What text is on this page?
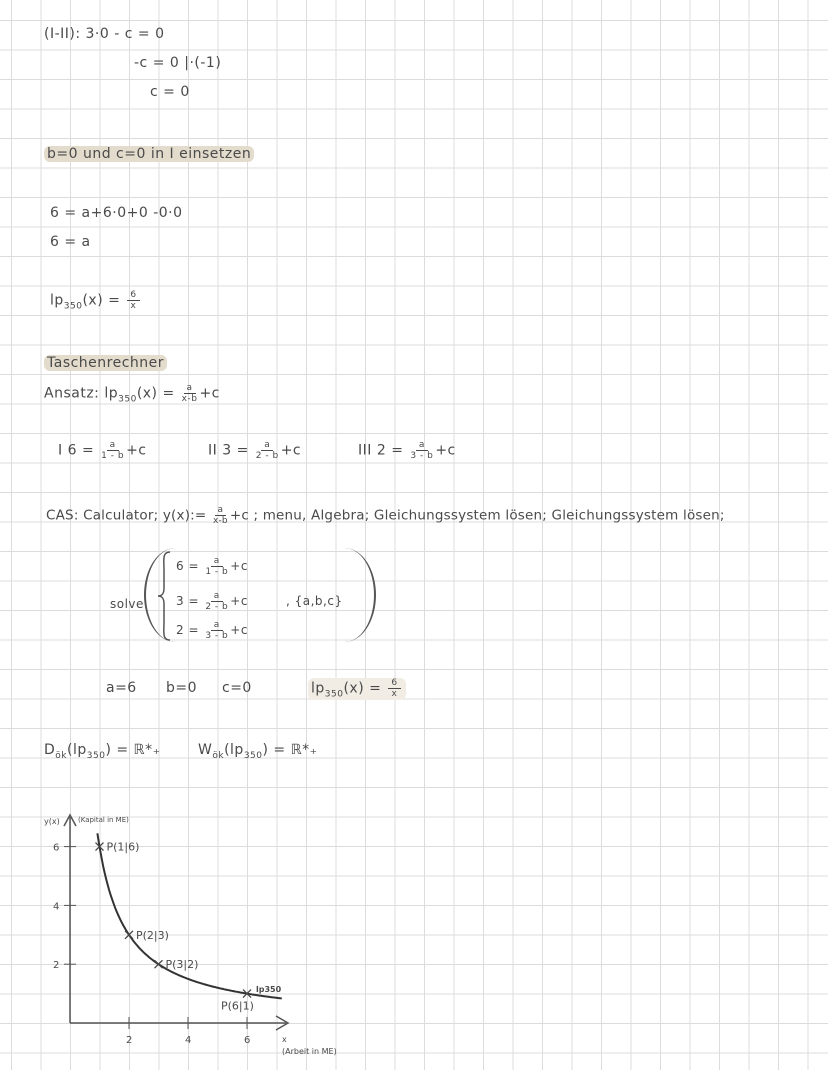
(I-II): 3·0 - c = 0
-c = 0 |·(-1)
c = 0
b=0 und c=0 in I einsetzen
6 = a+6·0+0 -0·0
6 = a
$lp_{350}(x) = \frac{6}{x}$
Taschenrechner
Ansatz: $lp_{350}(x) = \frac{a}{x-b} +c$
I $6 = \frac{a}{1 - b} +c$	II $3 = \frac{a}{2 - b} +c$	III $2 = \frac{a}{3 - b} +c$
CAS: Calculator; y(x):= $\frac{a}{x-b} +c$ ; menu, Algebra; Gleichungssystem lösen; Gleichungssystem lösen;
solve
$6 = \frac{a}{1 - b} +c$
$3 = \frac{a}{2 - b} +c$
$2 = \frac{a}{3 - b} +c$
, {a,b,c}
a=6 b=0 c=0	$lp_{350}(x) = \frac{6}{x}$
$D_{ök}(lp_{350})$ = ℝ*₊	$W_{ök}(lp_{350})$ = ℝ*₊
y(x)	(Kapital in ME)
x
(Arbeit in ME)
2	4	6
2
4
6	P(1|6)
P(2|3)
P(3|2)
P(6|1)
lp350
